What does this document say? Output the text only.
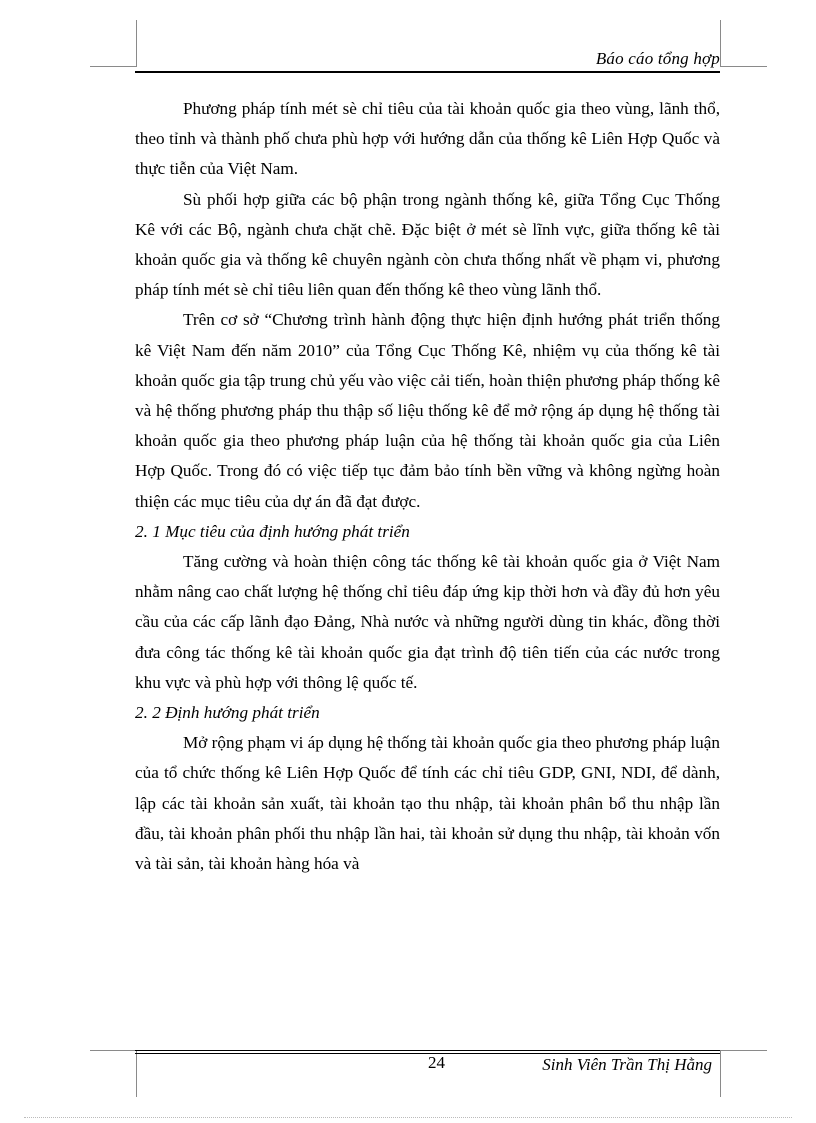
Báo cáo tổng hợp

Phương pháp tính mét sè chỉ tiêu của tài khoản quốc gia theo vùng, lãnh thổ, theo tỉnh và thành phố chưa phù hợp với hướng dẫn của thống kê Liên Hợp Quốc và thực tiễn của Việt Nam.

Sù phối hợp giữa các bộ phận trong ngành thống kê, giữa Tổng Cục Thống Kê với các Bộ, ngành chưa chặt chẽ. Đặc biệt ở mét sè lĩnh vực, giữa thống kê tài khoản quốc gia và thống kê chuyên ngành còn chưa thống nhất về phạm vi, phương pháp tính mét sè chỉ tiêu liên quan đến thống kê theo vùng lãnh thổ.

Trên cơ sở “Chương trình hành động thực hiện định hướng phát triển thống kê Việt Nam đến năm 2010” của Tổng Cục Thống Kê, nhiệm vụ của thống kê tài khoản quốc gia tập trung chủ yếu vào việc cải tiến, hoàn thiện phương pháp thống kê và hệ thống phương pháp thu thập số liệu thống kê để mở rộng áp dụng hệ thống tài khoản quốc gia theo phương pháp luận của hệ thống tài khoản quốc gia của Liên Hợp Quốc. Trong đó có việc tiếp tục đảm bảo tính bền vững và không ngừng hoàn thiện các mục tiêu của dự án đã đạt được.

2. 1 Mục tiêu của định hướng phát triển

Tăng cường và hoàn thiện công tác thống kê tài khoản quốc gia ở Việt Nam nhằm nâng cao chất lượng hệ thống chỉ tiêu đáp ứng kịp thời hơn và đầy đủ hơn yêu cầu của các cấp lãnh đạo Đảng, Nhà nước và những người dùng tin khác, đồng thời đưa công tác thống kê tài khoản quốc gia đạt trình độ tiên tiến của các nước trong khu vực và phù hợp với thông lệ quốc tế.

2. 2 Định hướng phát triển

Mở rộng phạm vi áp dụng hệ thống tài khoản quốc gia theo phương pháp luận của tổ chức thống kê Liên Hợp Quốc để tính các chỉ tiêu GDP, GNI, NDI, để dành, lập các tài khoản sản xuất, tài khoản tạo thu nhập, tài khoản phân bổ thu nhập lần đầu, tài khoản phân phối thu nhập lần hai, tài khoản sử dụng thu nhập, tài khoản vốn và tài sản, tài khoản hàng hóa và

24	Sinh Viên Trần Thị Hằng
